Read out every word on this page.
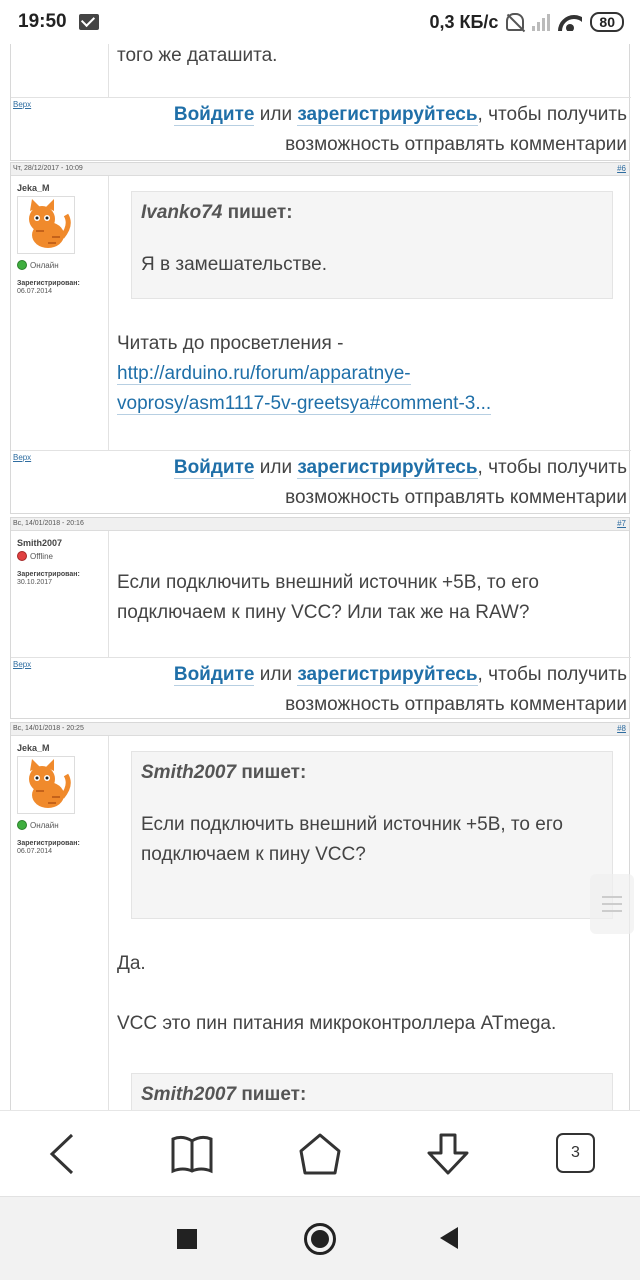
19:50	0,3 КБ/с	80
того же даташита.
Верх	Войдите или зарегистрируйтесь, чтобы получить возможность отправлять комментарии
Чт, 28/12/2017 - 10:09	#6
Jeka_M
Онлайн
Зарегистрирован:
06.07.2014
Ivanko74 пишет:
Я в замешательстве.
Читать до просветления -
http://arduino.ru/forum/apparatnye-voprosy/asm1117-5v-greetsya#comment-3...
Верх	Войдите или зарегистрируйтесь, чтобы получить возможность отправлять комментарии
Вс, 14/01/2018 - 20:16	#7
Smith2007
Offline
Зарегистрирован:
30.10.2017	Если подключить внешний источник +5В, то его подключаем к пину VCC? Или так же на RAW?
Верх	Войдите или зарегистрируйтесь, чтобы получить возможность отправлять комментарии
Вс, 14/01/2018 - 20:25	#8
Jeka_M
Онлайн
Зарегистрирован:
06.07.2014
Smith2007 пишет:
Если подключить внешний источник +5В, то его подключаем к пину VCC?
Да.
VCC это пин питания микроконтроллера ATmega.
Smith2007 пишет:
3
